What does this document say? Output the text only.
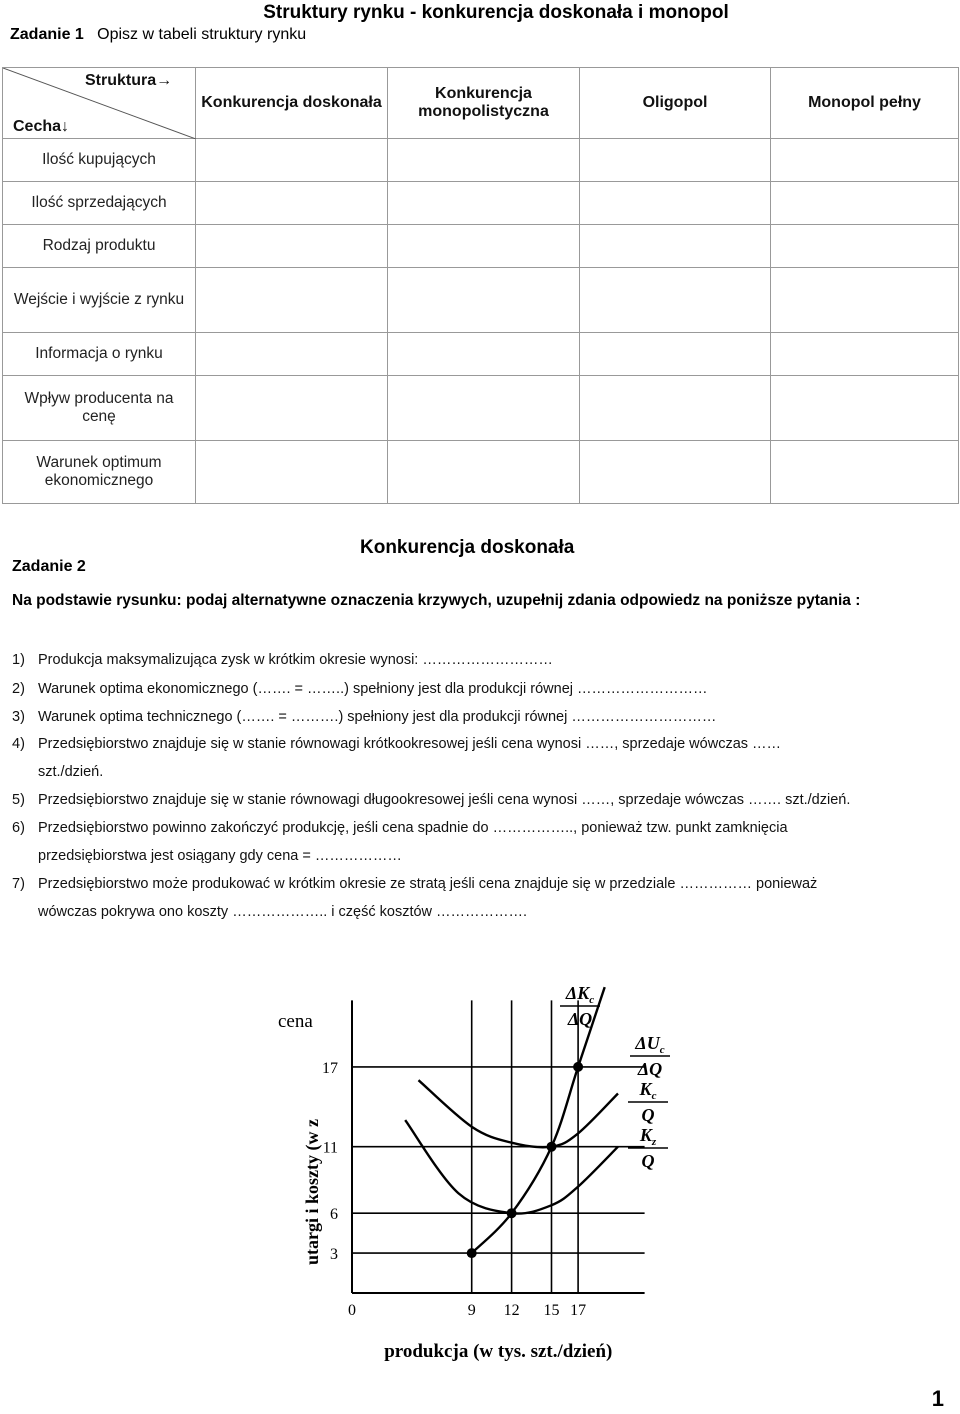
Struktury rynku - konkurencja doskonała i monopol
Zadanie 1 Opisz w tabeli struktury rynku
Struktura→
Cecha↓	Konkurencja doskonała	Konkurencja monopolistyczna	Oligopol	Monopol pełny
Ilość kupujących				
Ilość sprzedających				
Rodzaj produktu				
Wejście i wyjście z rynku				
Informacja o rynku				
Wpływ producenta na cenę				
Warunek optimum ekonomicznego				
Konkurencja doskonała
Zadanie 2
Na podstawie rysunku: podaj alternatywne oznaczenia krzywych, uzupełnij zdania odpowiedz na poniższe pytania :
1) Produkcja maksymalizująca zysk w krótkim okresie wynosi: ………………………
2) Warunek optima ekonomicznego (……. = ……..) spełniony jest dla produkcji równej ………………………
3) Warunek optima technicznego (……. = ……….) spełniony jest dla produkcji równej …………………………
4) Przedsiębiorstwo znajduje się w stanie równowagi krótkookresowej jeśli cena wynosi ……, sprzedaje wówczas ……
szt./dzień.
5) Przedsiębiorstwo znajduje się w stanie równowagi długookresowej jeśli cena wynosi ……, sprzedaje wówczas ……. szt./dzień.
6) Przedsiębiorstwo powinno zakończyć produkcję, jeśli cena spadnie do …………….., ponieważ tzw. punkt zamknięcia
przedsiębiorstwa jest osiągany gdy cena = ………………
7) Przedsiębiorstwo może produkować w krótkim okresie ze stratą jeśli cena znajduje się w przedziale …………… ponieważ
wówczas pokrywa ono koszty ……………….. i część kosztów ……………….
3
6
11
17
0	9 12 15 17
cena
utargi i koszty (w z
produkcja (w tys. szt./dzień)
$\Delta K_c$
ΔQ
$\Delta U_c$
ΔQ
$K_c$
Q
$K_z$
Q
1
